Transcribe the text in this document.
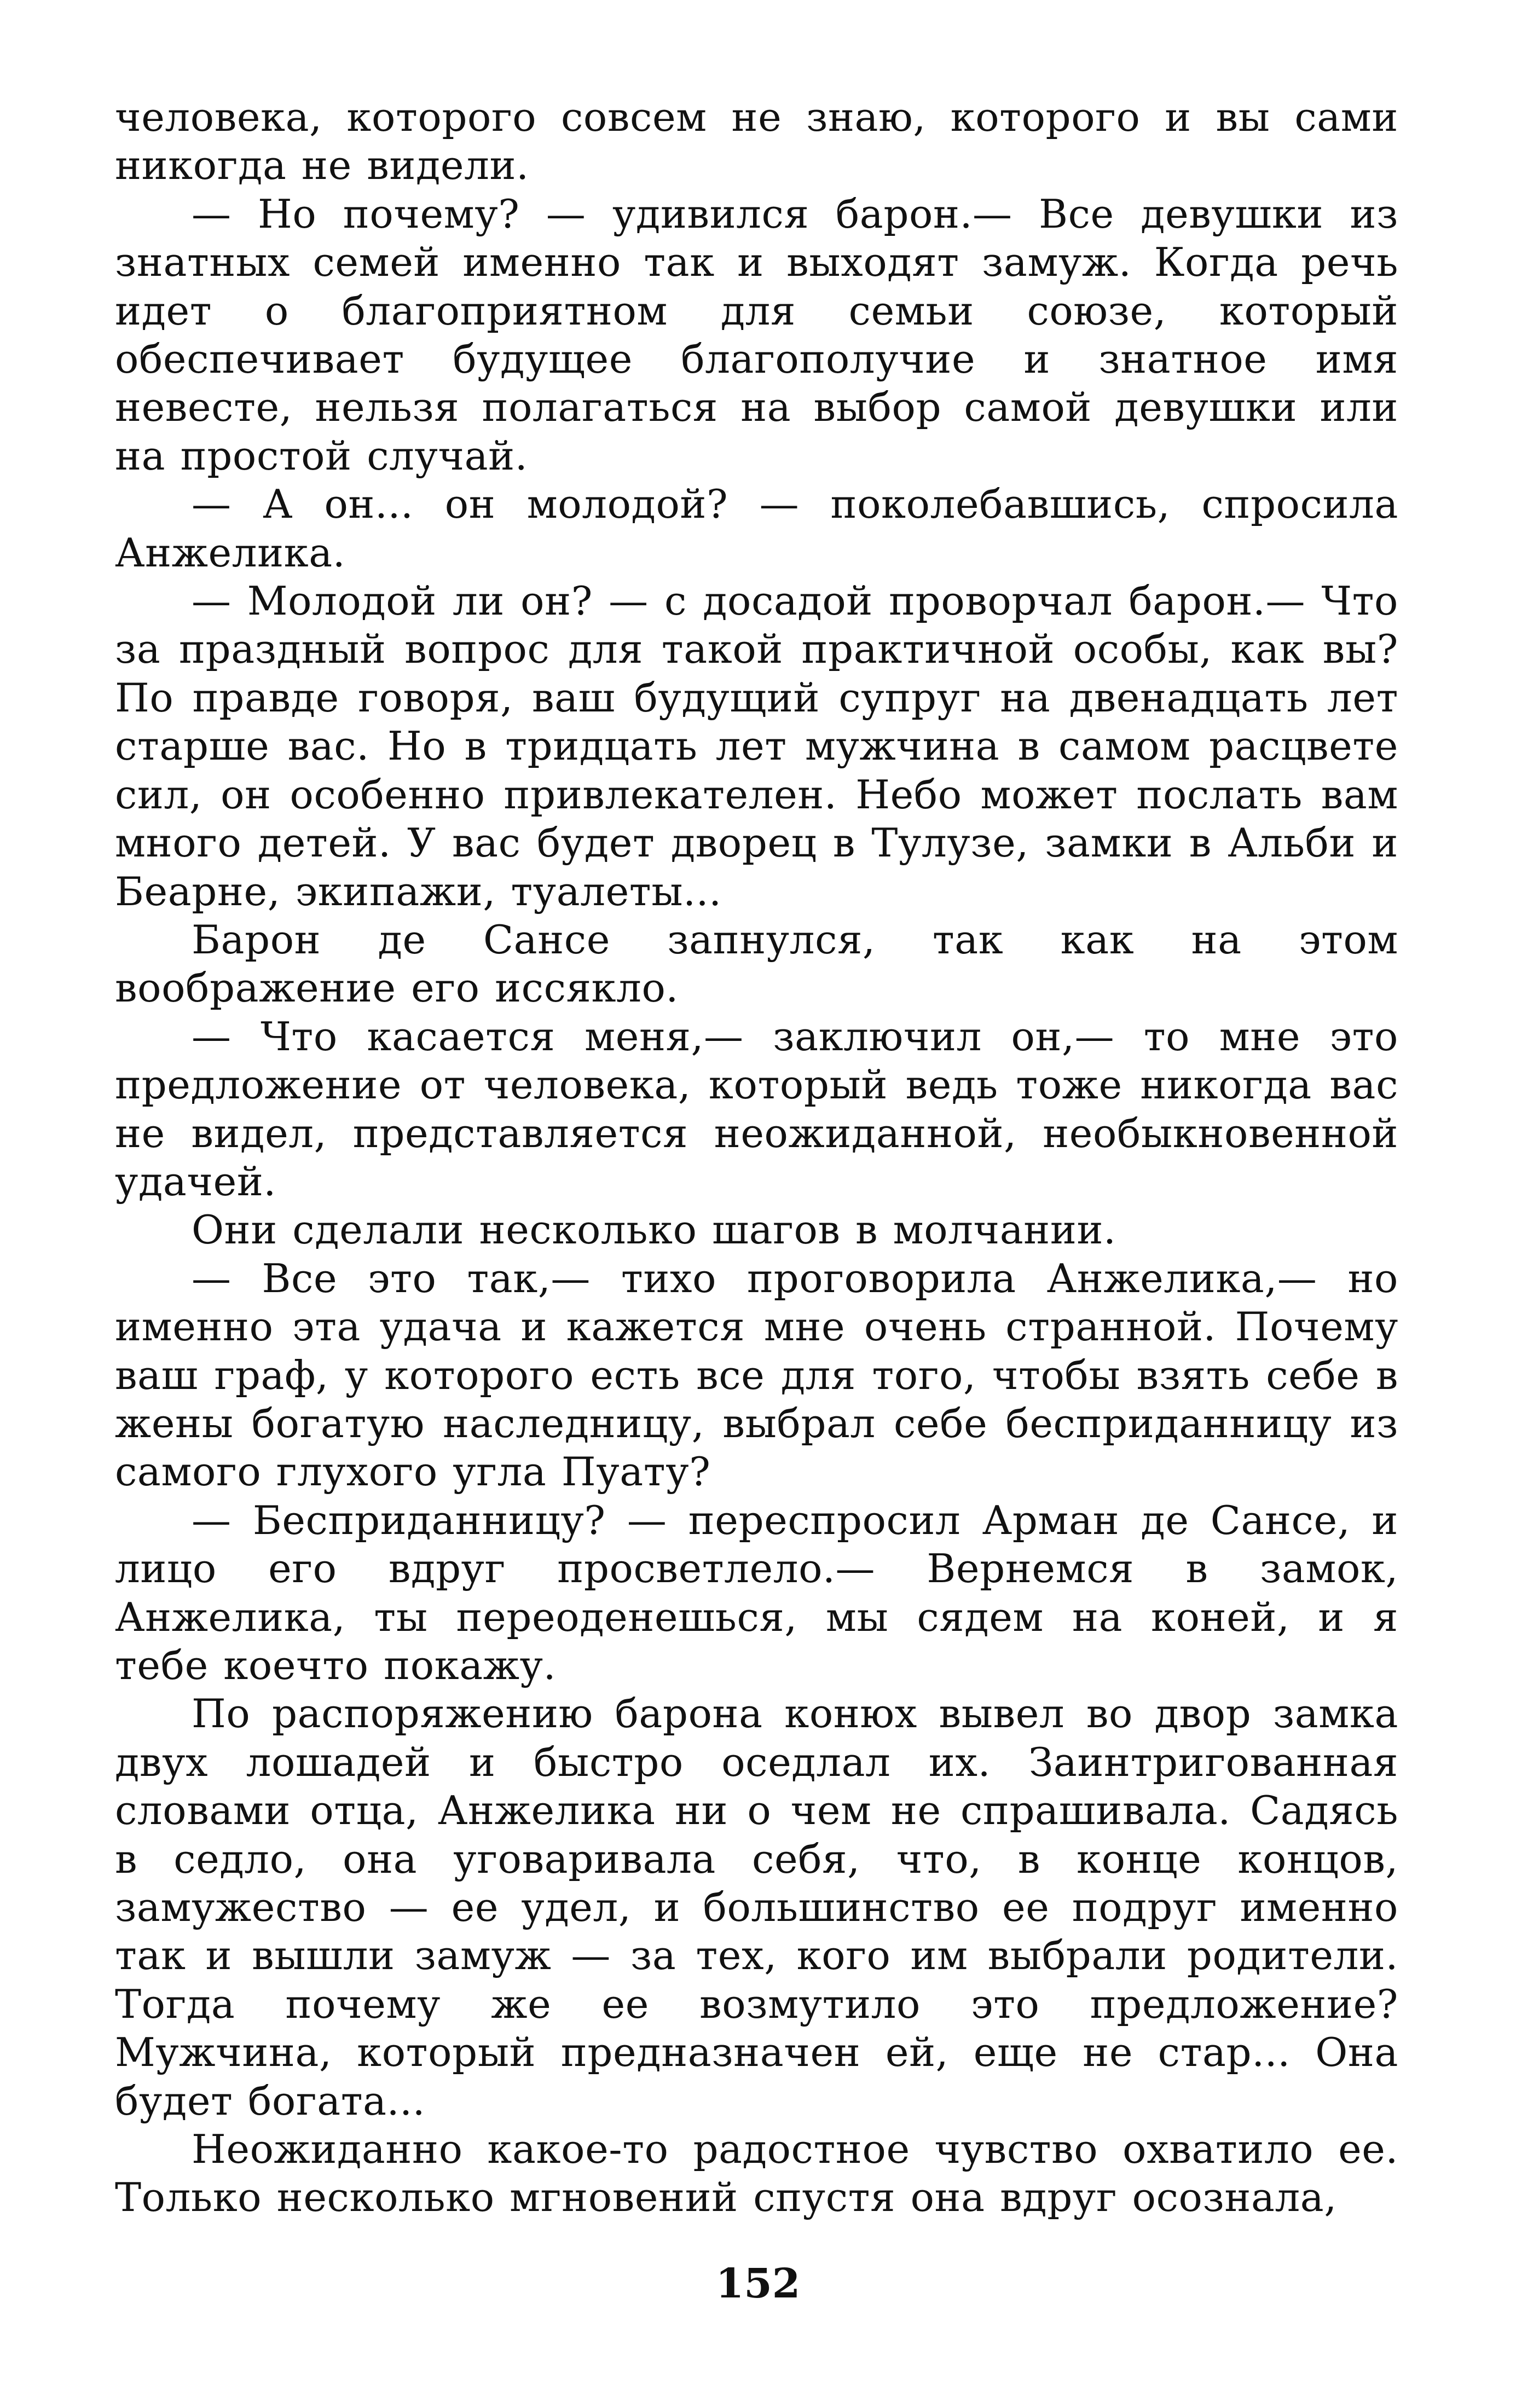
человека, которого совсем не знаю, которого и вы сами никогда не видели.

— Но почему? — удивился барон.— Все девушки из знатных семей именно так и выходят замуж. Когда речь идет о благоприятном для семьи союзе, который обеспечивает будущее благополучие и знатное имя невесте, нельзя полагаться на выбор самой девушки или на простой случай.

— А он... он молодой? — поколебавшись, спросила Анжелика.

— Молодой ли он? — с досадой проворчал барон.— Что за праздный вопрос для такой практичной особы, как вы? По правде говоря, ваш будущий супруг на двенадцать лет старше вас. Но в тридцать лет мужчина в самом расцвете сил, он особенно привлекателен. Небо может послать вам много детей. У вас будет дворец в Тулузе, замки в Альби и Беарне, экипажи, туалеты...

Барон де Сансе запнулся, так как на этом воображение его иссякло.

— Что касается меня,— заключил он,— то мне это предложение от человека, который ведь тоже никогда вас не видел, представляется неожиданной, необыкновенной удачей.

Они сделали несколько шагов в молчании.

— Все это так,— тихо проговорила Анжелика,— но именно эта удача и кажется мне очень странной. Почему ваш граф, у которого есть все для того, чтобы взять себе в жены богатую наследницу, выбрал себе бесприданницу из самого глухого угла Пуату?

— Бесприданницу? — переспросил Арман де Сансе, и лицо его вдруг просветлело.— Вернемся в замок, Анжелика, ты переоденешься, мы сядем на коней, и я тебе коечто покажу.

По распоряжению барона конюх вывел во двор замка двух лошадей и быстро оседлал их. Заинтригованная словами отца, Анжелика ни о чем не спрашивала. Садясь в седло, она уговаривала себя, что, в конце концов, замужество — ее удел, и большинство ее подруг именно так и вышли замуж — за тех, кого им выбрали родители. Тогда почему же ее возмутило это предложение? Мужчина, который предназначен ей, еще не стар... Она будет богата...

Неожиданно какое-то радостное чувство охватило ее. Только несколько мгновений спустя она вдруг осознала,

152
